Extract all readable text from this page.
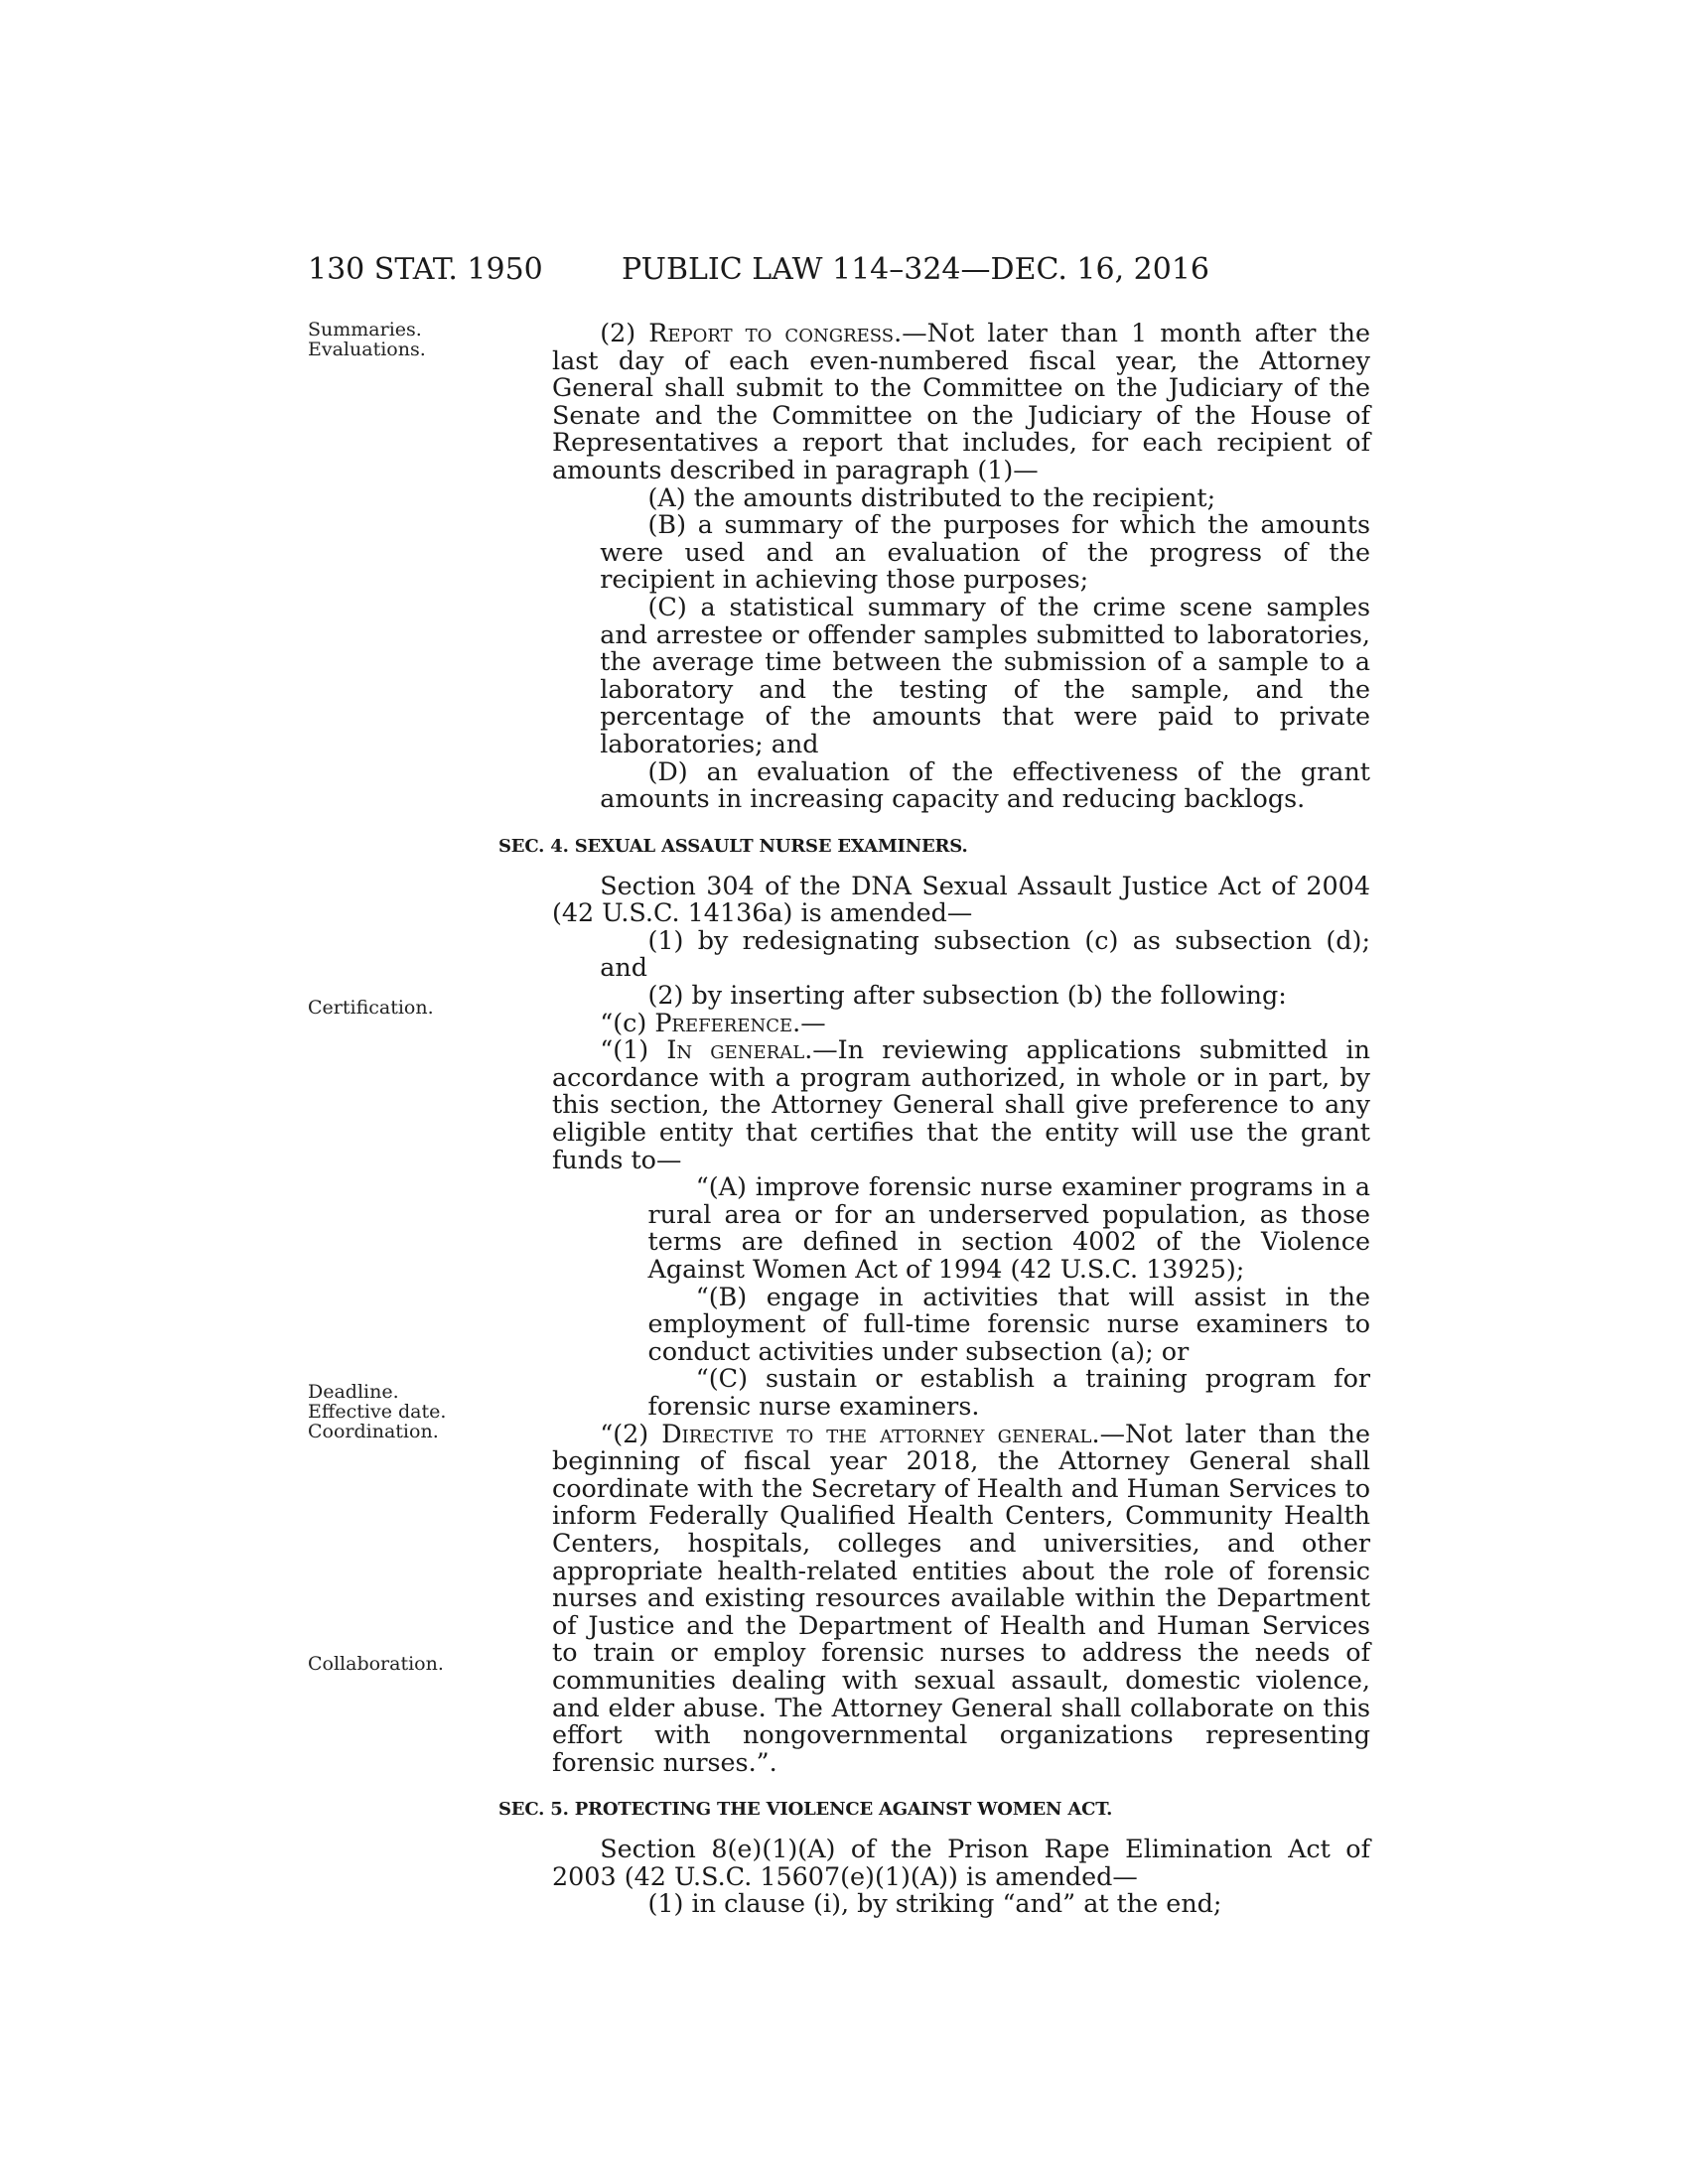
130 STAT. 1950	PUBLIC LAW 114–324—DEC. 16, 2016
Summaries.
Evaluations.
Certification.
Deadline.
Effective date.
Coordination.
Collaboration.

(2) Report to congress.—Not later than 1 month after the last day of each even-numbered fiscal year, the Attorney General shall submit to the Committee on the Judiciary of the Senate and the Committee on the Judiciary of the House of Representatives a report that includes, for each recipient of amounts described in paragraph (1)—

(A) the amounts distributed to the recipient;

(B) a summary of the purposes for which the amounts were used and an evaluation of the progress of the recipient in achieving those purposes;

(C) a statistical summary of the crime scene samples and arrestee or offender samples submitted to laboratories, the average time between the submission of a sample to a laboratory and the testing of the sample, and the percentage of the amounts that were paid to private laboratories; and

(D) an evaluation of the effectiveness of the grant amounts in increasing capacity and reducing backlogs.

SEC. 4. SEXUAL ASSAULT NURSE EXAMINERS.

Section 304 of the DNA Sexual Assault Justice Act of 2004 (42 U.S.C. 14136a) is amended—

(1) by redesignating subsection (c) as subsection (d); and

(2) by inserting after subsection (b) the following:

“(c) Preference.—

“(1) In general.—In reviewing applications submitted in accordance with a program authorized, in whole or in part, by this section, the Attorney General shall give preference to any eligible entity that certifies that the entity will use the grant funds to—

“(A) improve forensic nurse examiner programs in a rural area or for an underserved population, as those terms are defined in section 4002 of the Violence Against Women Act of 1994 (42 U.S.C. 13925);

“(B) engage in activities that will assist in the employment of full-time forensic nurse examiners to conduct activities under subsection (a); or

“(C) sustain or establish a training program for forensic nurse examiners.

“(2) Directive to the attorney general.—Not later than the beginning of fiscal year 2018, the Attorney General shall coordinate with the Secretary of Health and Human Services to inform Federally Qualified Health Centers, Community Health Centers, hospitals, colleges and universities, and other appropriate health-related entities about the role of forensic nurses and existing resources available within the Department of Justice and the Department of Health and Human Services to train or employ forensic nurses to address the needs of communities dealing with sexual assault, domestic violence, and elder abuse. The Attorney General shall collaborate on this effort with nongovernmental organizations representing forensic nurses.”.

SEC. 5. PROTECTING THE VIOLENCE AGAINST WOMEN ACT.

Section 8(e)(1)(A) of the Prison Rape Elimination Act of 2003 (42 U.S.C. 15607(e)(1)(A)) is amended—

(1) in clause (i), by striking “and” at the end;
